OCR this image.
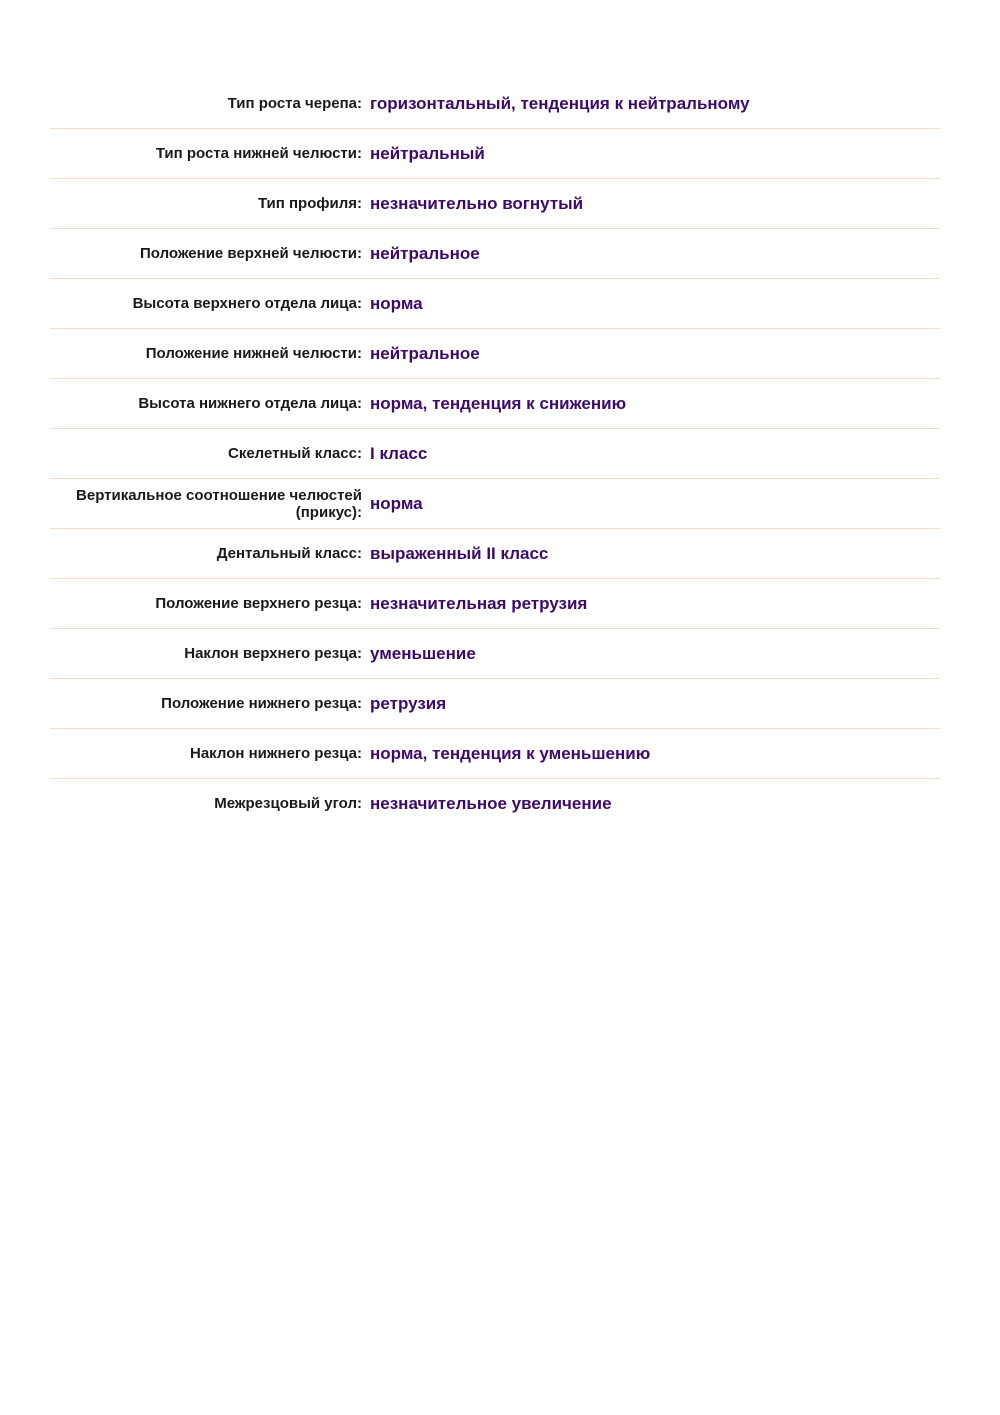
Тип роста черепа: горизонтальный, тенденция к нейтральному
Тип роста нижней челюсти: нейтральный
Тип профиля: незначительно вогнутый
Положение верхней челюсти: нейтральное
Высота верхнего отдела лица: норма
Положение нижней челюсти: нейтральное
Высота нижнего отдела лица: норма, тенденция к снижению
Скелетный класс: I класс
Вертикальное соотношение челюстей (прикус): норма
Дентальный класс: выраженный II класс
Положение верхнего резца: незначительная ретрузия
Наклон верхнего резца: уменьшение
Положение нижнего резца: ретрузия
Наклон нижнего резца: норма, тенденция к уменьшению
Межрезцовый угол: незначительное увеличение
